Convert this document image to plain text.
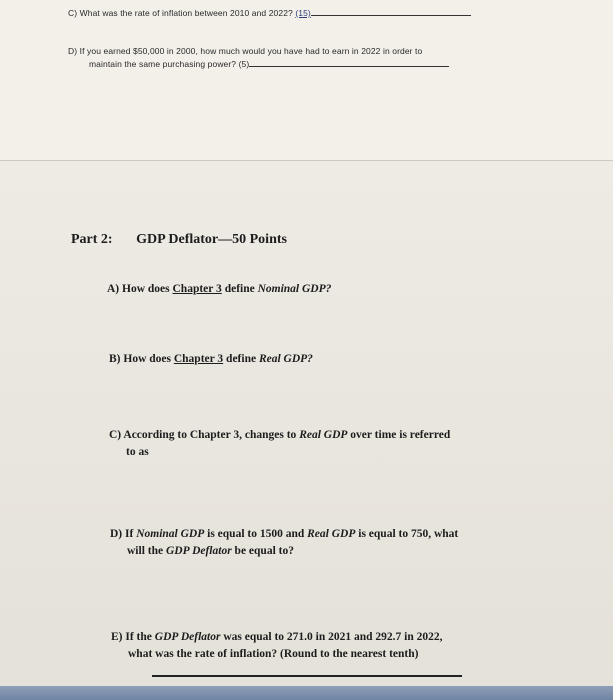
C) What was the rate of inflation between 2010 and 2022? (15)
D) If you earned $50,000 in 2000, how much would you have had to earn in 2022 in order to
maintain the same purchasing power? (5)
Part 2: GDP Deflator—50 Points
A) How does Chapter 3 define Nominal GDP?
B) How does Chapter 3 define Real GDP?
C) According to Chapter 3, changes to Real GDP over time is referred
to as
D) If Nominal GDP is equal to 1500 and Real GDP is equal to 750, what
will the GDP Deflator be equal to?
E) If the GDP Deflator was equal to 271.0 in 2021 and 292.7 in 2022,
what was the rate of inflation? (Round to the nearest tenth)
